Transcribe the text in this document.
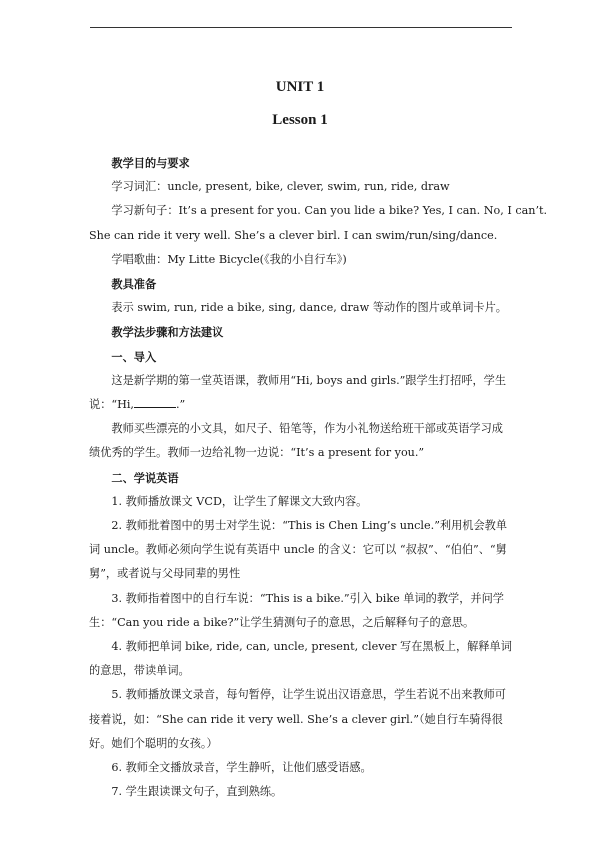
UNIT 1
Lesson 1

教学目的与要求

学习词汇：uncle, present, bike, clever, swim, run, ride, draw

学习新句子：It’s a present for you. Can you lide a bike? Yes, I can. No, I can’t.

She can ride it very well. She’s a clever birl. I can swim/run/sing/dance.

学唱歌曲：My Litte Bicycle(《我的小自行车》)

教具准备

表示 swim, run, ride a bike, sing, dance, draw 等动作的图片或单词卡片。

教学法步骤和方法建议

一、导入

这是新学期的第一堂英语课，教师用“Hi, boys and girls.”跟学生打招呼，学生说：“Hi,	.”

教师买些漂亮的小文具，如尺子、铅笔等，作为小礼物送给班干部或英语学习成绩优秀的学生。教师一边给礼物一边说：“It’s a present for you.”

二、学说英语

1. 教师播放课文 VCD，让学生了解课文大致内容。

2. 教师批着图中的男士对学生说：“This is Chen Ling’s uncle.”利用机会教单词 uncle。教师必须向学生说有英语中 uncle 的含义：它可以 “叔叔”、“伯伯”、“舅舅”，或者说与父母同辈的男性

3. 教师指着图中的自行车说：“This is a bike.”引入 bike 单词的教学，并问学生：“Can you ride a bike?”让学生猜测句子的意思，之后解释句子的意思。

4. 教师把单词 bike, ride, can, uncle, present, clever 写在黑板上，解释单词的意思，带读单词。

5. 教师播放课文录音，每句暂停，让学生说出汉语意思，学生若说不出来教师可接着说，如：“She can ride it very well. She’s a clever girl.”（她自行车骑得很好。她们个聪明的女孩。）

6. 教师全文播放录音，学生静听，让他们感受语感。

7. 学生跟读课文句子，直到熟练。
